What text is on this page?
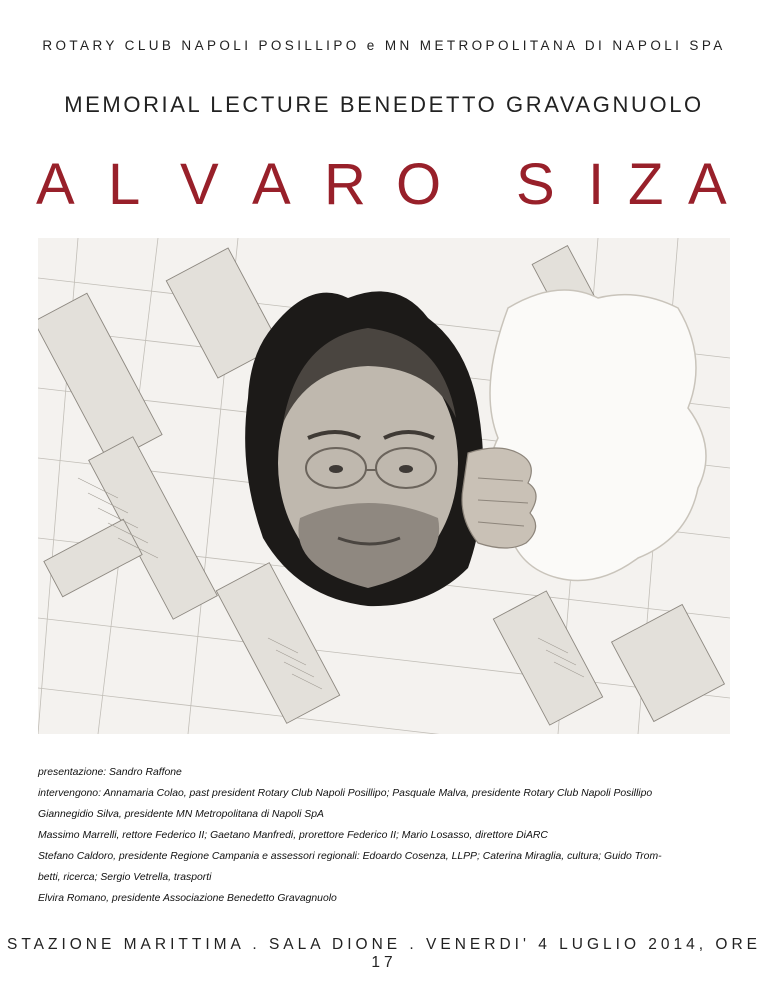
ROTARY CLUB NAPOLI POSILLIPO e MN METROPOLITANA DI NAPOLI SPA
MEMORIAL LECTURE BENEDETTO GRAVAGNUOLO
A L V A R O S I Z A
presentazione: Sandro Raffone
intervengono: Annamaria Colao, past president Rotary Club Napoli Posillipo; Pasquale Malva, presidente Rotary Club Napoli Posillipo
Giannegidio Silva, presidente MN Metropolitana di Napoli SpA
Massimo Marrelli, rettore Federico II; Gaetano Manfredi, prorettore Federico II; Mario Losasso, direttore DiARC
Stefano Caldoro, presidente Regione Campania e assessori regionali: Edoardo Cosenza, LLPP; Caterina Miraglia, cultura; Guido Trom-
betti, ricerca; Sergio Vetrella, trasporti
Elvira Romano, presidente Associazione Benedetto Gravagnuolo
STAZIONE MARITTIMA . SALA DIONE . VENERDI' 4 LUGLIO 2014, ORE 17
